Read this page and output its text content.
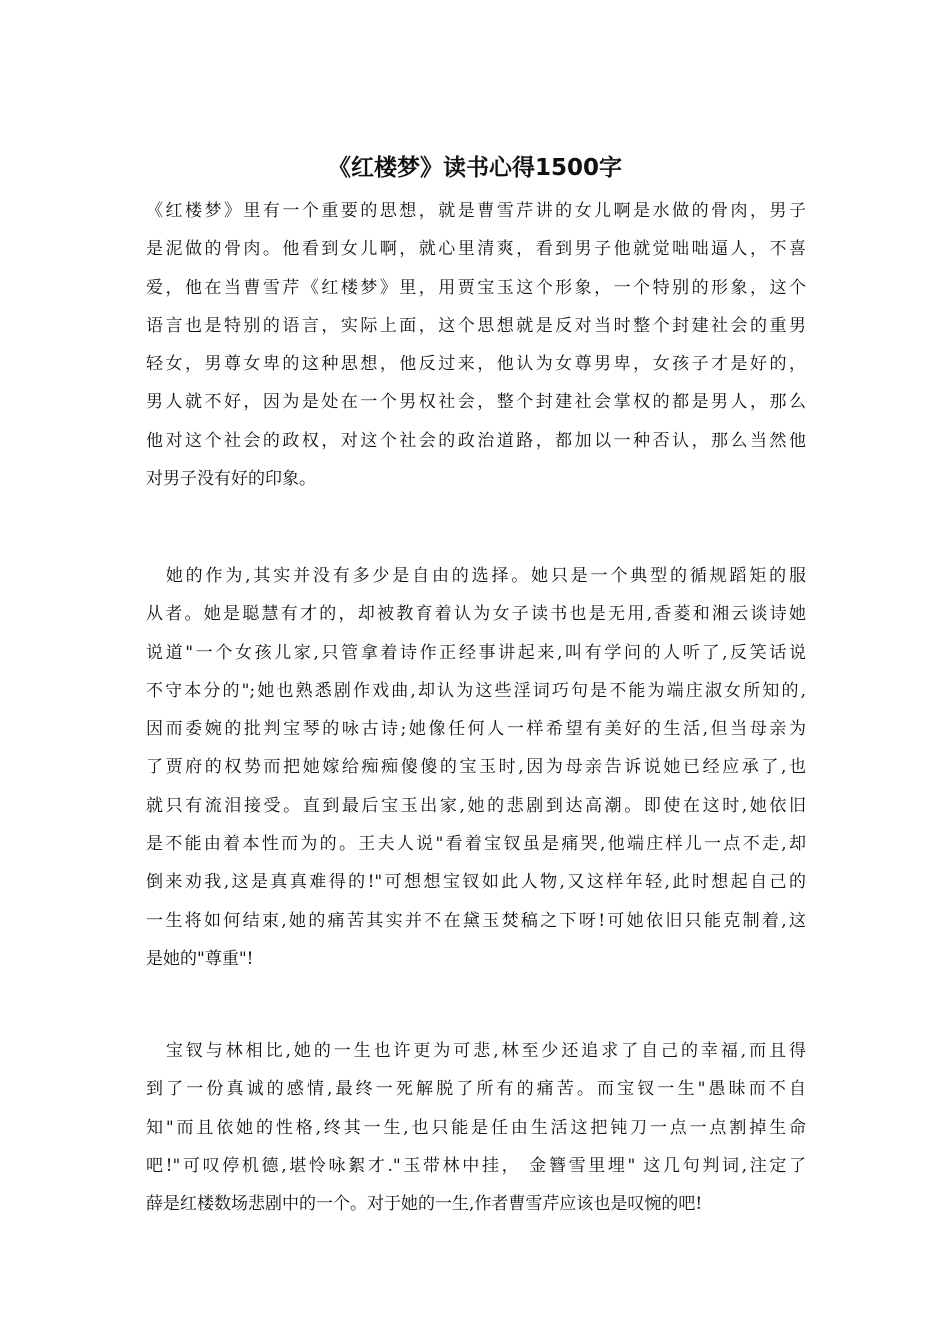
《红楼梦》读书心得1500字
《红楼梦》里有一个重要的思想，就是曹雪芹讲的女儿啊是水做的骨肉，男子
是泥做的骨肉。他看到女儿啊，就心里清爽，看到男子他就觉咄咄逼人，不喜
爱，他在当曹雪芹《红楼梦》里，用贾宝玉这个形象，一个特别的形象，这个
语言也是特别的语言，实际上面，这个思想就是反对当时整个封建社会的重男
轻女，男尊女卑的这种思想，他反过来，他认为女尊男卑，女孩子才是好的，
男人就不好，因为是处在一个男权社会，整个封建社会掌权的都是男人，那么
他对这个社会的政权，对这个社会的政治道路，都加以一种否认，那么当然他
对男子没有好的印象。
　她的作为,其实并没有多少是自由的选择。她只是一个典型的循规蹈矩的服
从者。她是聪慧有才的，却被教育着认为女子读书也是无用,香菱和湘云谈诗她
说道"一个女孩儿家,只管拿着诗作正经事讲起来,叫有学问的人听了,反笑话说
不守本分的";她也熟悉剧作戏曲,却认为这些淫词巧句是不能为端庄淑女所知的,
因而委婉的批判宝琴的咏古诗;她像任何人一样希望有美好的生活,但当母亲为
了贾府的权势而把她嫁给痴痴傻傻的宝玉时,因为母亲告诉说她已经应承了,也
就只有流泪接受。直到最后宝玉出家,她的悲剧到达高潮。即使在这时,她依旧
是不能由着本性而为的。王夫人说"看着宝钗虽是痛哭,他端庄样儿一点不走,却
倒来劝我,这是真真难得的!"可想想宝钗如此人物,又这样年轻,此时想起自己的
一生将如何结束,她的痛苦其实并不在黛玉焚稿之下呀!可她依旧只能克制着,这
是她的"尊重"!
　宝钗与林相比,她的一生也许更为可悲,林至少还追求了自己的幸福,而且得
到了一份真诚的感情,最终一死解脱了所有的痛苦。而宝钗一生"愚昧而不自
知"而且依她的性格,终其一生,也只能是任由生活这把钝刀一点一点割掉生命
吧!"可叹停机德,堪怜咏絮才."玉带林中挂， 金簪雪里埋" 这几句判词,注定了
薛是红楼数场悲剧中的一个。对于她的一生,作者曹雪芹应该也是叹惋的吧!
